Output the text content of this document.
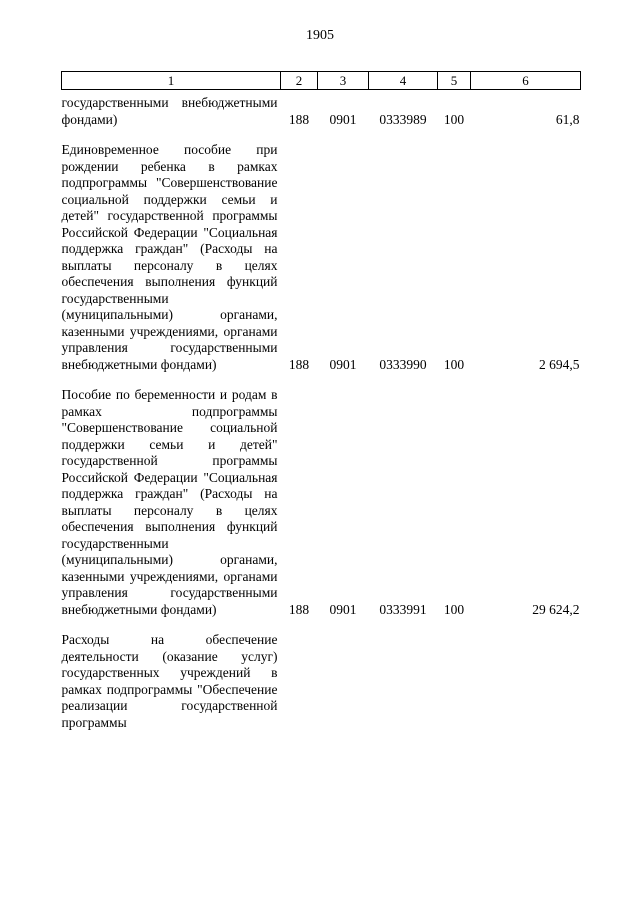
1905
1	2	3	4	5	6
государственными внебюджетными фондами)	188	0901	0333989	100	61,8
Единовременное пособие при рождении ребенка в рамках подпрограммы "Совершенствование социальной поддержки семьи и детей" государственной программы Российской Федерации "Социальная поддержка граждан" (Расходы на выплаты персоналу в целях обеспечения выполнения функций государственными (муниципальными) органами, казенными учреждениями, органами управления государственными внебюджетными фондами)	188	0901	0333990	100	2 694,5
Пособие по беременности и родам в рамках подпрограммы "Совершенствование социальной поддержки семьи и детей" государственной программы Российской Федерации "Социальная поддержка граждан" (Расходы на выплаты персоналу в целях обеспечения выполнения функций государственными (муниципальными) органами, казенными учреждениями, органами управления государственными внебюджетными фондами)	188	0901	0333991	100	29 624,2
Расходы на обеспечение деятельности (оказание услуг) государственных учреждений в рамках подпрограммы "Обеспечение реализации государственной программы					
